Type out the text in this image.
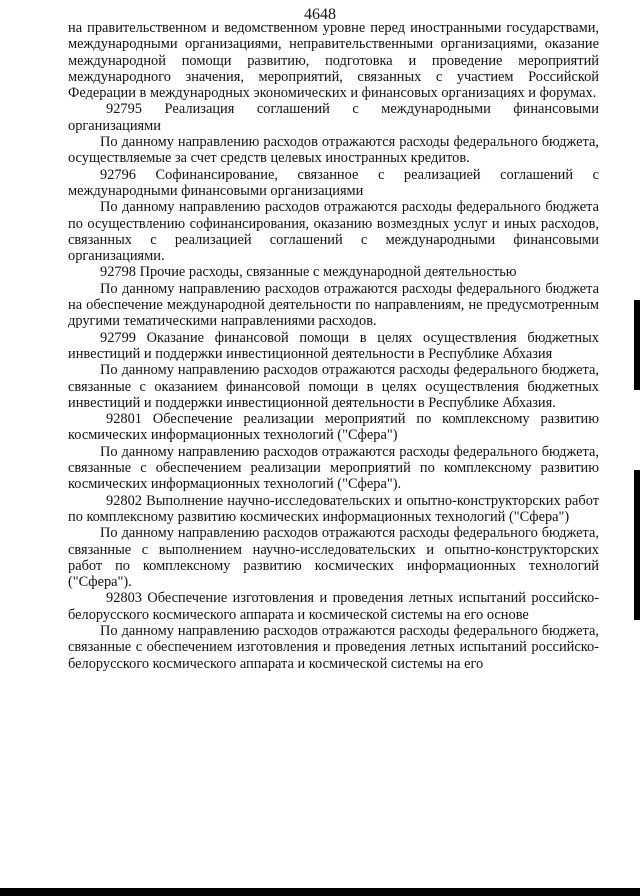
4648

на правительственном и ведомственном уровне перед иностранными государствами, международными организациями, неправительственными организациями, оказание международной помощи развитию, подготовка и проведение мероприятий международного значения, мероприятий, связанных с участием Российской Федерации в международных экономических и финансовых организациях и форумах.

92795 Реализация соглашений с международными финансовыми организациями

По данному направлению расходов отражаются расходы федерального бюджета, осуществляемые за счет средств целевых иностранных кредитов.

92796 Софинансирование, связанное с реализацией соглашений с международными финансовыми организациями

По данному направлению расходов отражаются расходы федерального бюджета по осуществлению софинансирования, оказанию возмездных услуг и иных расходов, связанных с реализацией соглашений с международными финансовыми организациями.

92798 Прочие расходы, связанные с международной деятельностью

По данному направлению расходов отражаются расходы федерального бюджета на обеспечение международной деятельности по направлениям, не предусмотренным другими тематическими направлениями расходов.

92799 Оказание финансовой помощи в целях осуществления бюджетных инвестиций и поддержки инвестиционной деятельности в Республике Абхазия

По данному направлению расходов отражаются расходы федерального бюджета, связанные с оказанием финансовой помощи в целях осуществления бюджетных инвестиций и поддержки инвестиционной деятельности в Республике Абхазия.

92801 Обеспечение реализации мероприятий по комплексному развитию космических информационных технологий ("Сфера")

По данному направлению расходов отражаются расходы федерального бюджета, связанные с обеспечением реализации мероприятий по комплексному развитию космических информационных технологий ("Сфера").

92802 Выполнение научно-исследовательских и опытно-конструкторских работ по комплексному развитию космических информационных технологий ("Сфера")

По данному направлению расходов отражаются расходы федерального бюджета, связанные с выполнением научно-исследовательских и опытно-конструкторских работ по комплексному развитию космических информационных технологий ("Сфера").

92803 Обеспечение изготовления и проведения летных испытаний российско-белорусского космического аппарата и космической системы на его основе

По данному направлению расходов отражаются расходы федерального бюджета, связанные с обеспечением изготовления и проведения летных испытаний российско-белорусского космического аппарата и космической системы на его
